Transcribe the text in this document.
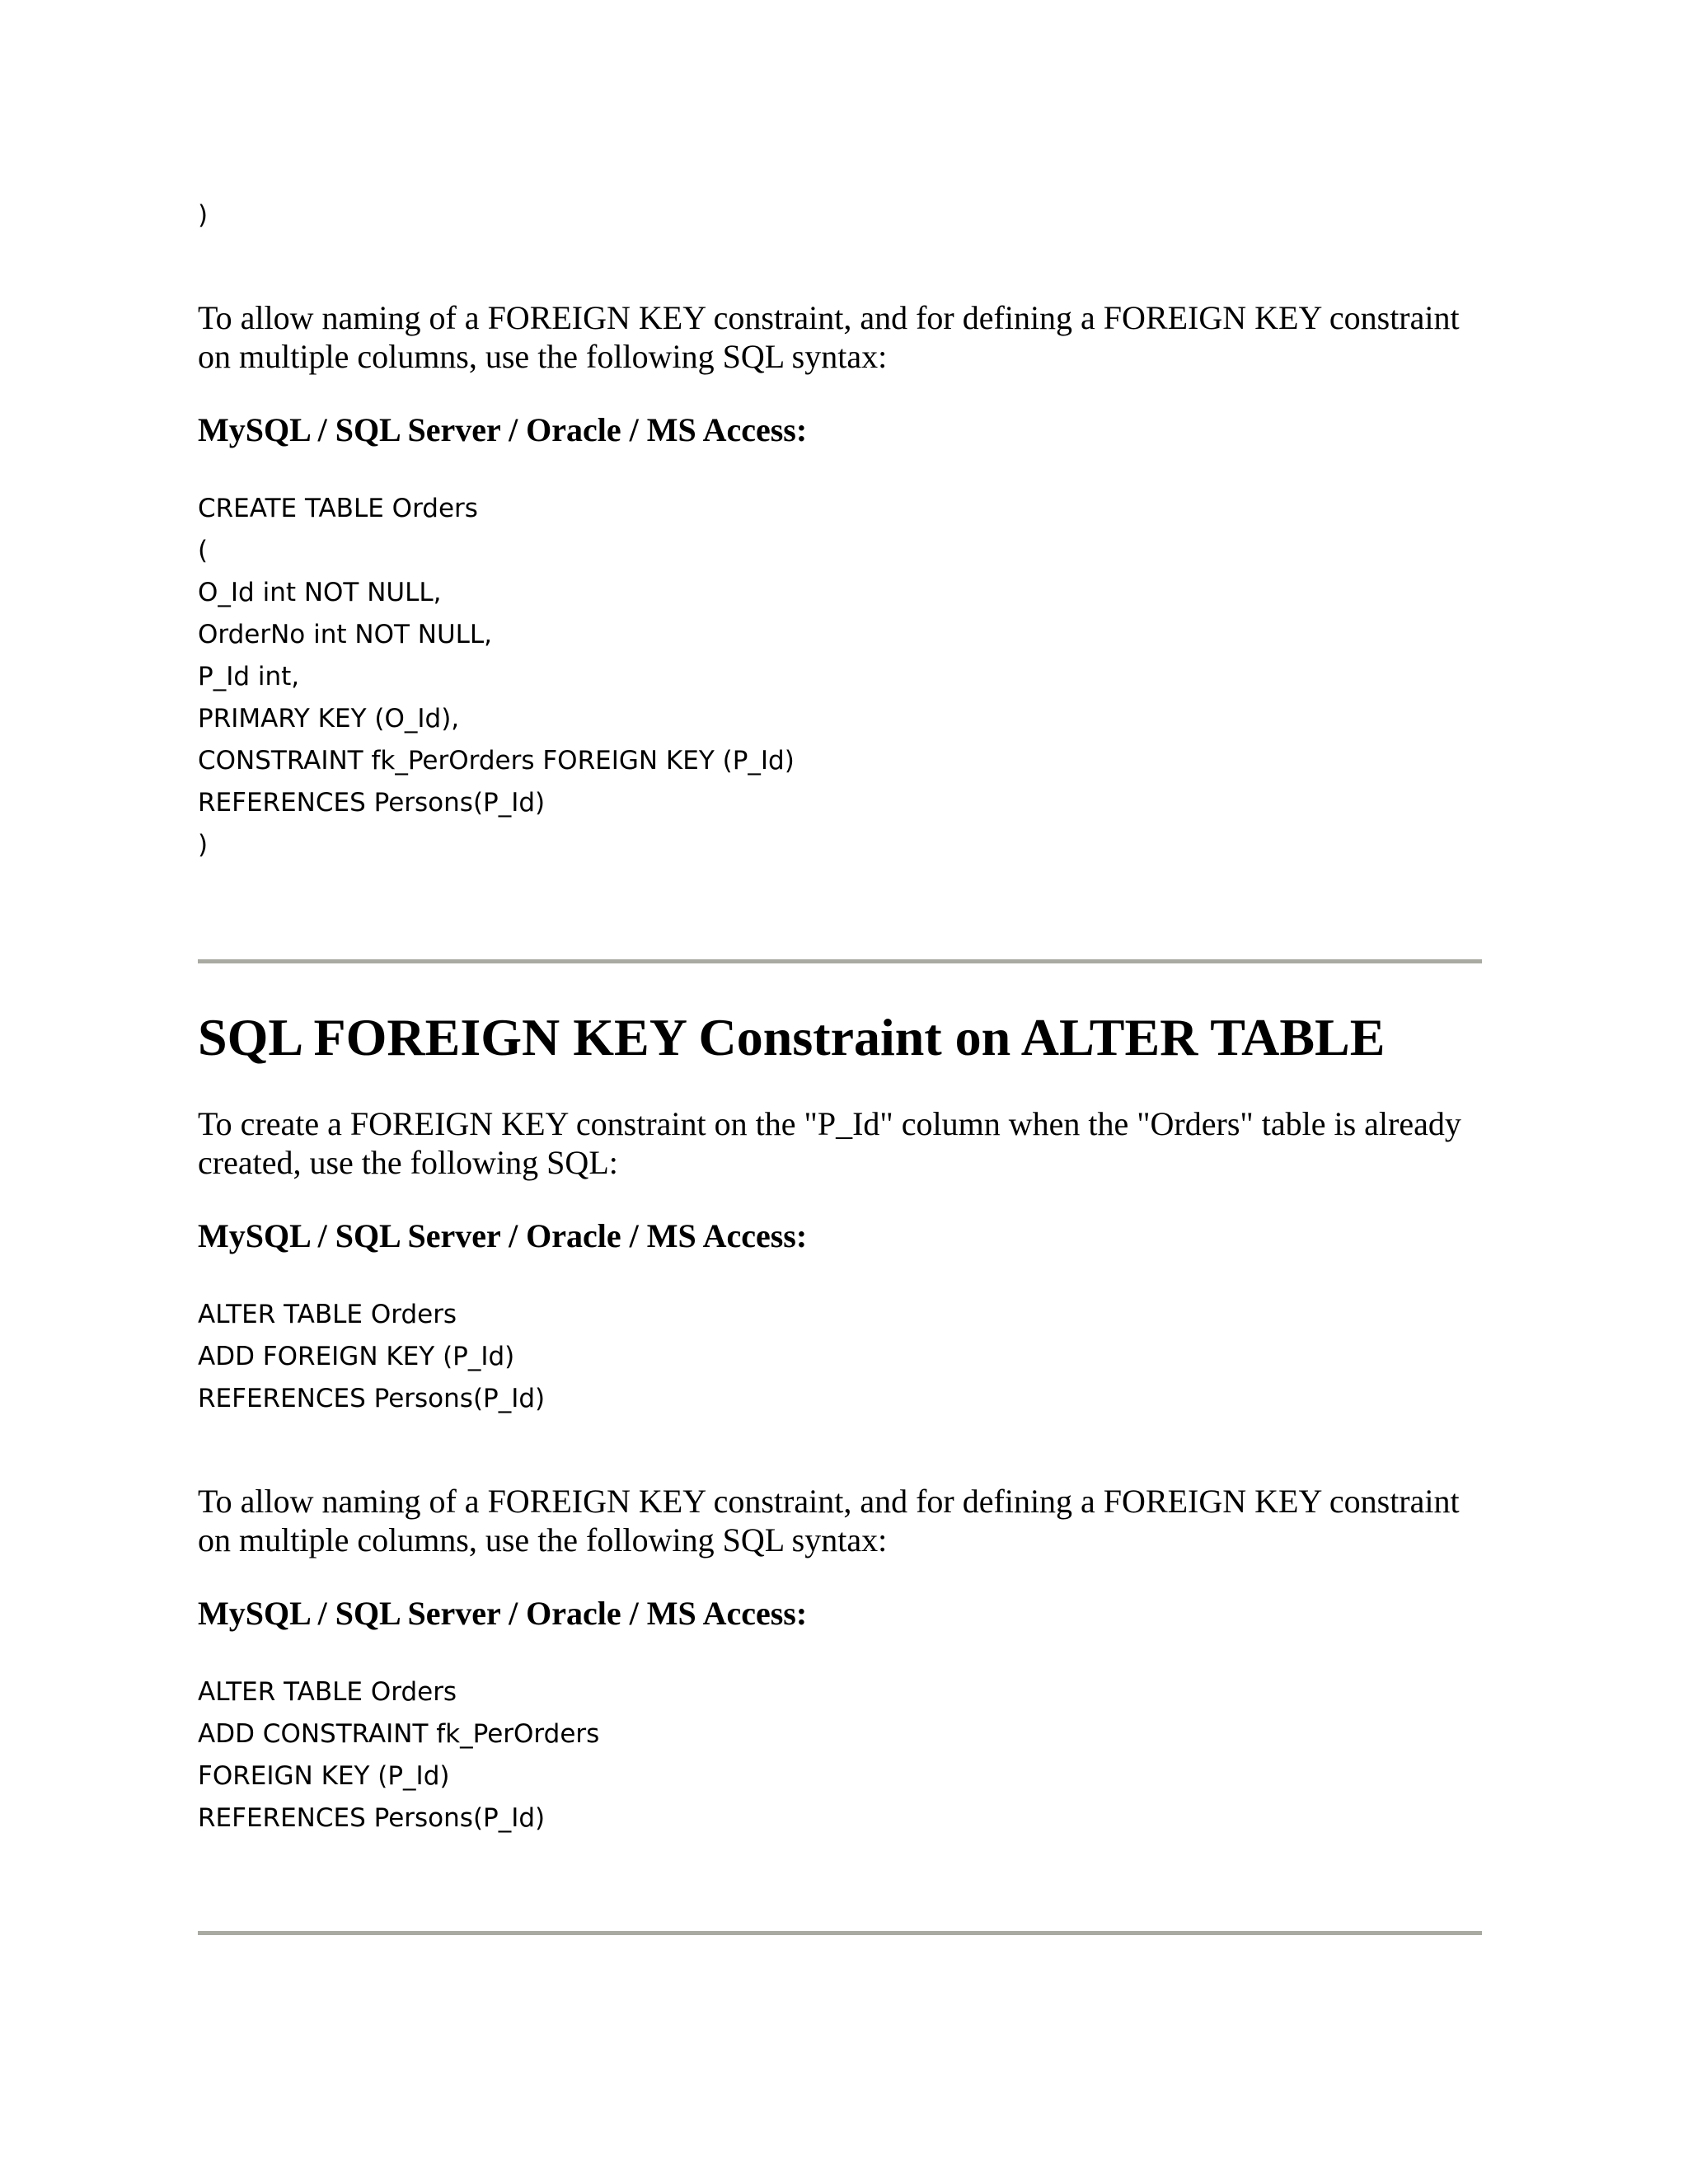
)

To allow naming of a FOREIGN KEY constraint, and for defining a FOREIGN KEY constraint on multiple columns, use the following SQL syntax:

MySQL / SQL Server / Oracle / MS Access:
CREATE TABLE Orders
(
O_Id int NOT NULL,
OrderNo int NOT NULL,
P_Id int,
PRIMARY KEY (O_Id),
CONSTRAINT fk_PerOrders FOREIGN KEY (P_Id)
REFERENCES Persons(P_Id)
)
SQL FOREIGN KEY Constraint on ALTER TABLE

To create a FOREIGN KEY constraint on the "P_Id" column when the "Orders" table is already created, use the following SQL:

MySQL / SQL Server / Oracle / MS Access:
ALTER TABLE Orders
ADD FOREIGN KEY (P_Id)
REFERENCES Persons(P_Id)

To allow naming of a FOREIGN KEY constraint, and for defining a FOREIGN KEY constraint on multiple columns, use the following SQL syntax:

MySQL / SQL Server / Oracle / MS Access:
ALTER TABLE Orders
ADD CONSTRAINT fk_PerOrders
FOREIGN KEY (P_Id)
REFERENCES Persons(P_Id)
